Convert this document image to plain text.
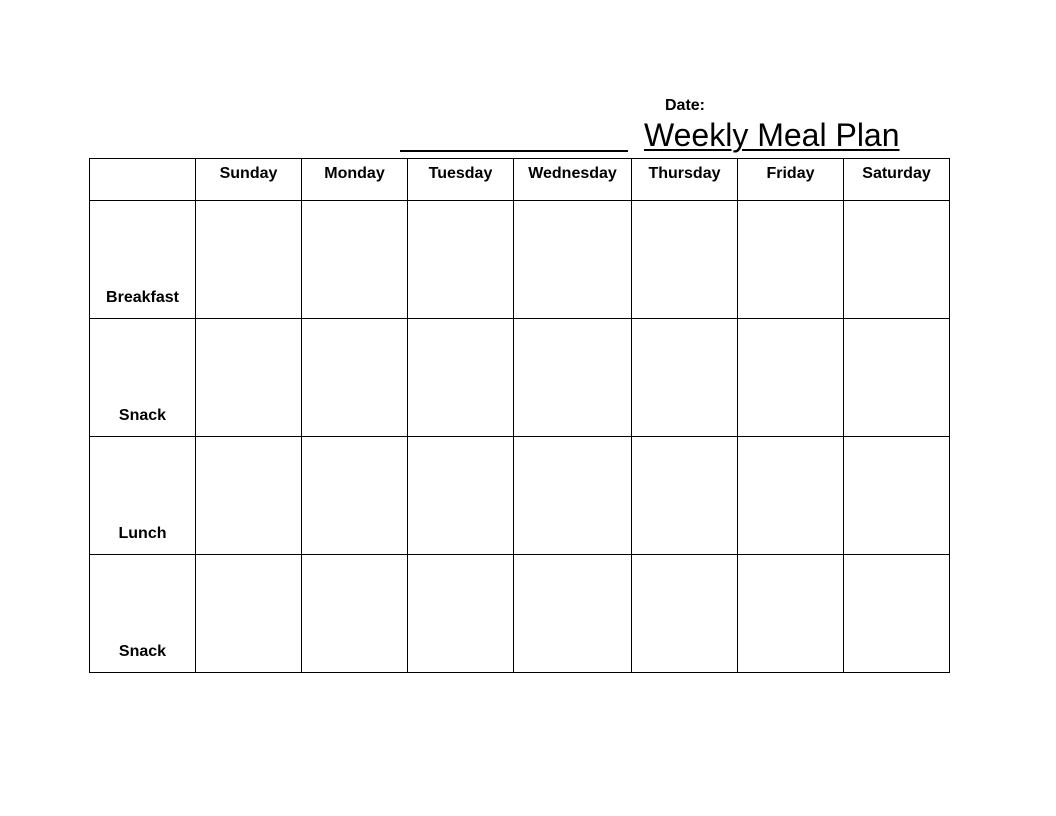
Date:
Weekly Meal Plan
	Sunday	Monday	Tuesday	Wednesday	Thursday	Friday	Saturday
Breakfast							
Snack							
Lunch							
Snack							
